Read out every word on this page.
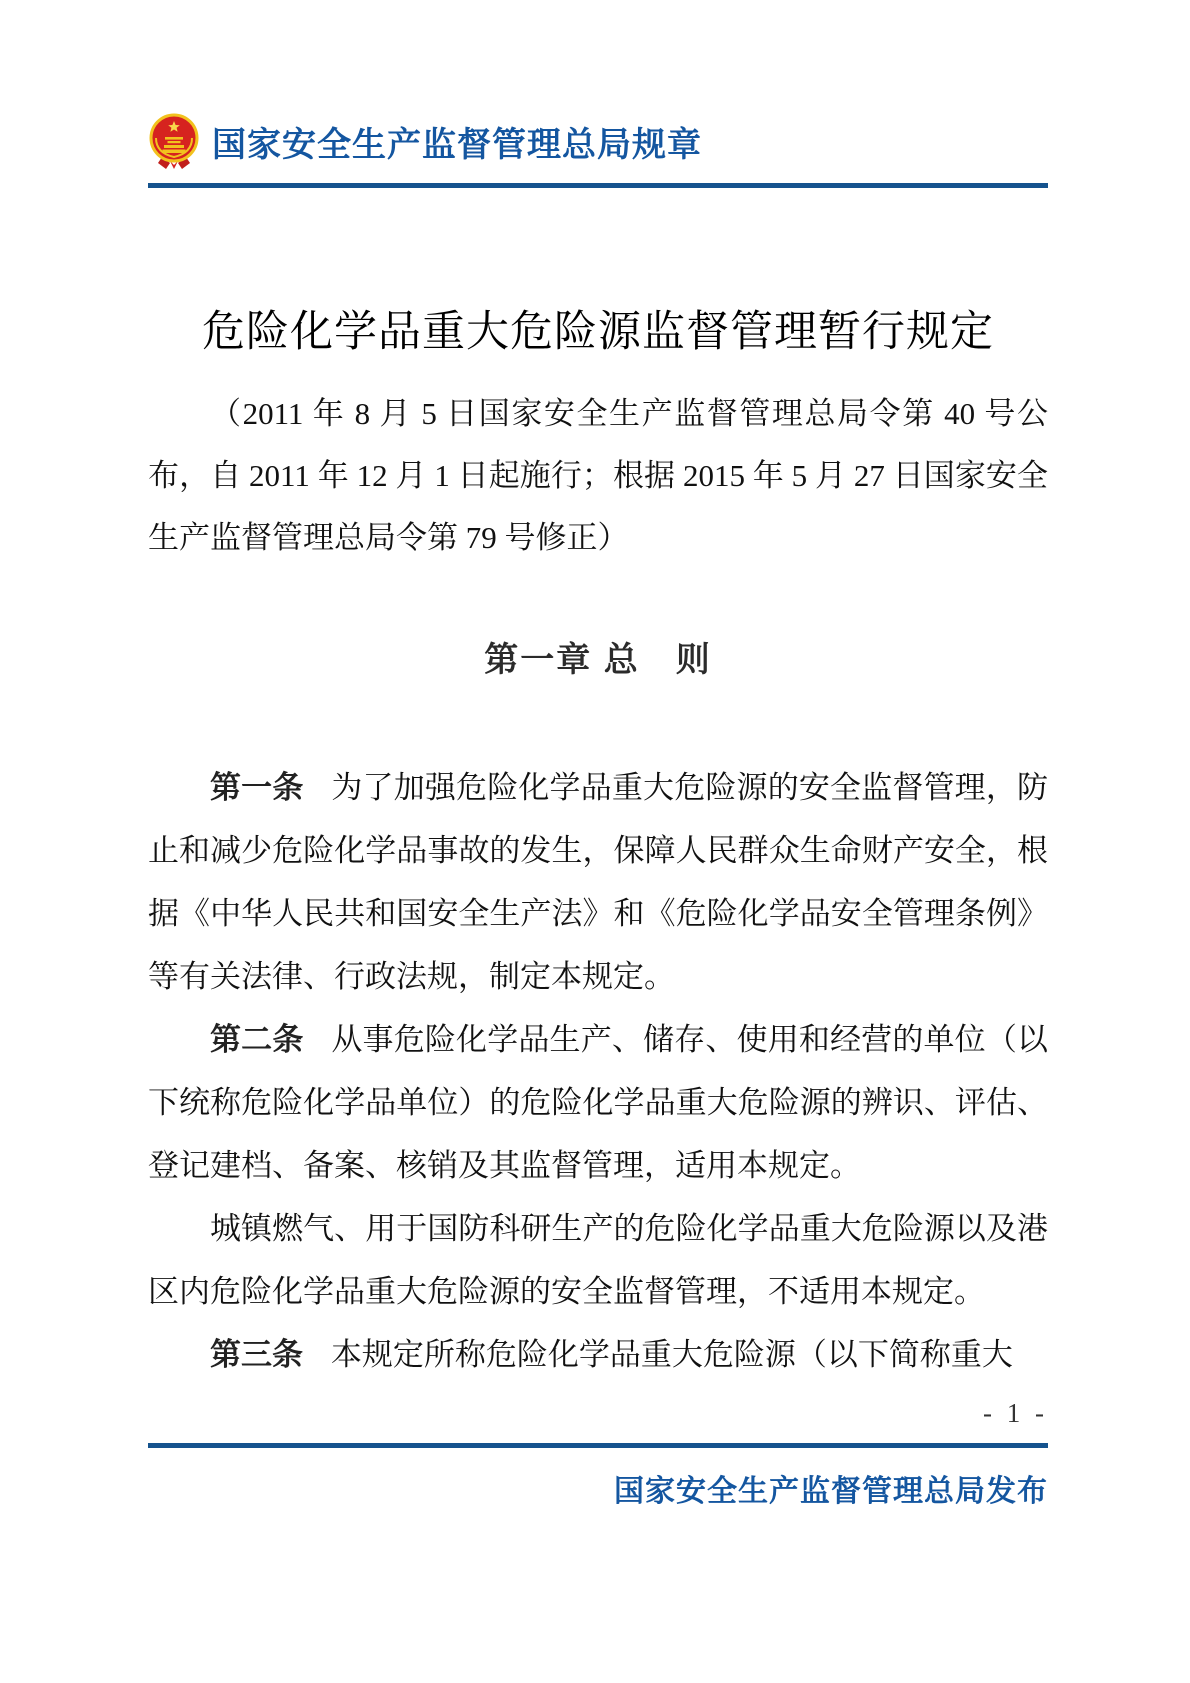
国家安全生产监督管理总局规章
危险化学品重大危险源监督管理暂行规定
（2011 年 8 月 5 日国家安全生产监督管理总局令第 40 号公布，自 2011 年 12 月 1 日起施行；根据 2015 年 5 月 27 日国家安全生产监督管理总局令第 79 号修正）
第一章 总　则

第一条 为了加强危险化学品重大危险源的安全监督管理，防止和减少危险化学品事故的发生，保障人民群众生命财产安全，根据《中华人民共和国安全生产法》和《危险化学品安全管理条例》等有关法律、行政法规，制定本规定。

第二条 从事危险化学品生产、储存、使用和经营的单位（以下统称危险化学品单位）的危险化学品重大危险源的辨识、评估、登记建档、备案、核销及其监督管理，适用本规定。

城镇燃气、用于国防科研生产的危险化学品重大危险源以及港区内危险化学品重大危险源的安全监督管理，不适用本规定。

第三条 本规定所称危险化学品重大危险源（以下简称重大

- 1 -
国家安全生产监督管理总局发布
